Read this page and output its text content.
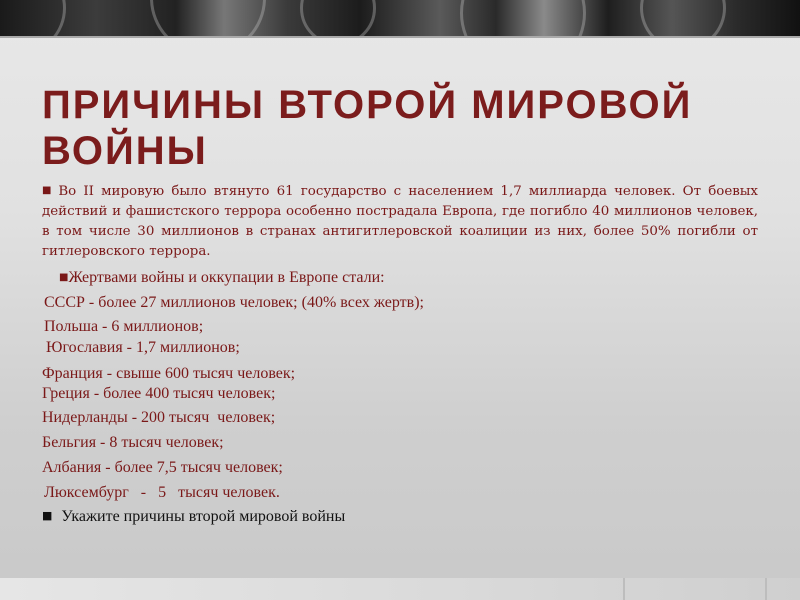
ПРИЧИНЫ ВТОРОЙ МИРОВОЙ ВОЙНЫ

■ Во II мировую было втянуто 61 государство с населением 1,7 миллиарда человек. От боевых действий и фашистского террора особенно пострадала Европа, где погибло 40 миллионов человек, в том числе 30 миллионов в странах антигитлеровской коалиции из них, более 50% погибли от гитлеровского террора.

■Жертвами войны и оккупации в Европе стали:
СССР - более 27 миллионов человек; (40% всех жертв);
Польша - 6 миллионов;
Югославия - 1,7 миллионов;
Франция - свыше 600 тысяч человек;
Греция - более 400 тысяч человек;
Нидерланды - 200 тысяч  человек;
Бельгия - 8 тысяч человек;
Албания - более 7,5 тысяч человек;
Люксембург   -   5   тысяч человек.
■ Укажите причины второй мировой войны
